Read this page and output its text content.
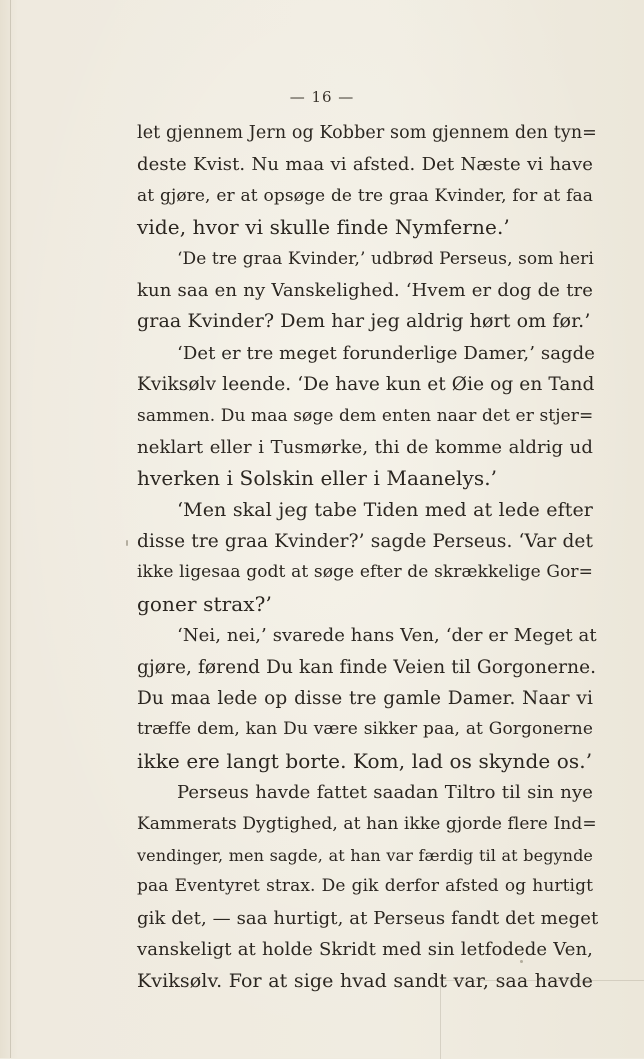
— 16 —
let gjennem Jern og Kobber som gjennem den tyn=
deste Kvist. Nu maa vi afsted. Det Næste vi have
at gjøre, er at opsøge de tre graa Kvinder, for at faa
vide, hvor vi skulle finde Nymferne.’
‘De tre graa Kvinder,’ udbrød Perseus, som heri
kun saa en ny Vanskelighed. ‘Hvem er dog de tre
graa Kvinder? Dem har jeg aldrig hørt om før.’
‘Det er tre meget forunderlige Damer,’ sagde
Kviksølv leende. ‘De have kun et Øie og en Tand
sammen. Du maa søge dem enten naar det er stjer=
neklart eller i Tusmørke, thi de komme aldrig ud
hverken i Solskin eller i Maanelys.’
‘Men skal jeg tabe Tiden med at lede efter
disse tre graa Kvinder?’ sagde Perseus. ‘Var det
ikke ligesaa godt at søge efter de skrækkelige Gor=
goner strax?’
‘Nei, nei,’ svarede hans Ven, ‘der er Meget at
gjøre, førend Du kan finde Veien til Gorgonerne.
Du maa lede op disse tre gamle Damer. Naar vi
træffe dem, kan Du være sikker paa, at Gorgonerne
ikke ere langt borte. Kom, lad os skynde os.’
Perseus havde fattet saadan Tiltro til sin nye
Kammerats Dygtighed, at han ikke gjorde flere Ind=
vendinger, men sagde, at han var færdig til at begynde
paa Eventyret strax. De gik derfor afsted og hurtigt
gik det, — saa hurtigt, at Perseus fandt det meget
vanskeligt at holde Skridt med sin letfodede Ven,
Kviksølv. For at sige hvad sandt var, saa havde
